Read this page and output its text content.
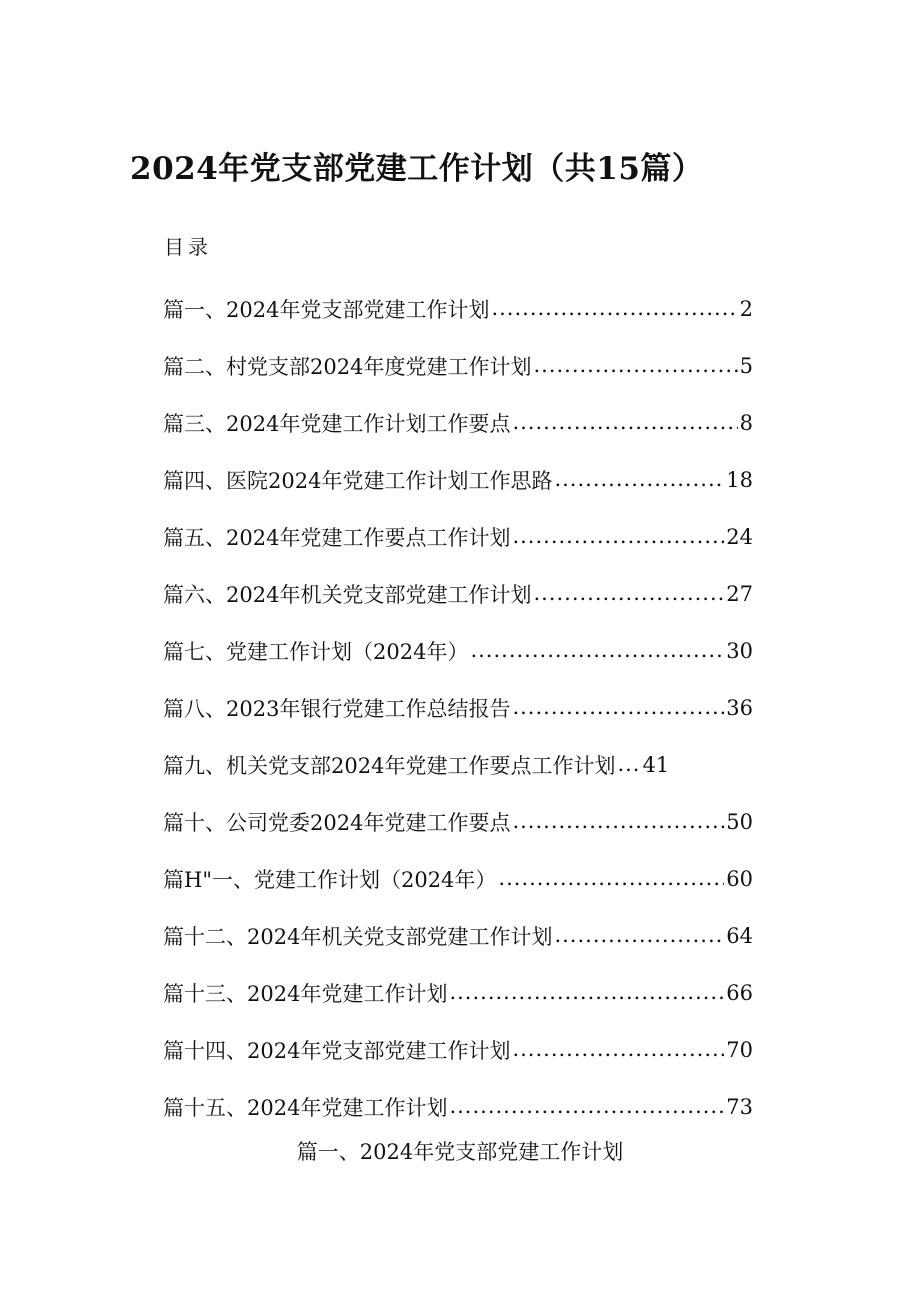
2024年党支部党建工作计划（共15篇）
目录
篇一、2024年党支部党建工作计划 .....	2
篇二、村党支部2024年度党建工作计划 .....	5
篇三、2024年党建工作计划工作要点 .....	8
篇四、医院2024年党建工作计划工作思路 .....	18
篇五、2024年党建工作要点工作计划 .....	24
篇六、2024年机关党支部党建工作计划 .....	27
篇七、党建工作计划（2024年） .....	30
篇八、2023年银行党建工作总结报告 .....	36
篇九、机关党支部2024年党建工作要点工作计划 ... 41
篇十、公司党委2024年党建工作要点 .....	50
篇H"一、党建工作计划（2024年） .....	60
篇十二、2024年机关党支部党建工作计划 .....	64
篇十三、2024年党建工作计划 .....	66
篇十四、2024年党支部党建工作计划 .....	70
篇十五、2024年党建工作计划 .....	73
篇一、2024年党支部党建工作计划
